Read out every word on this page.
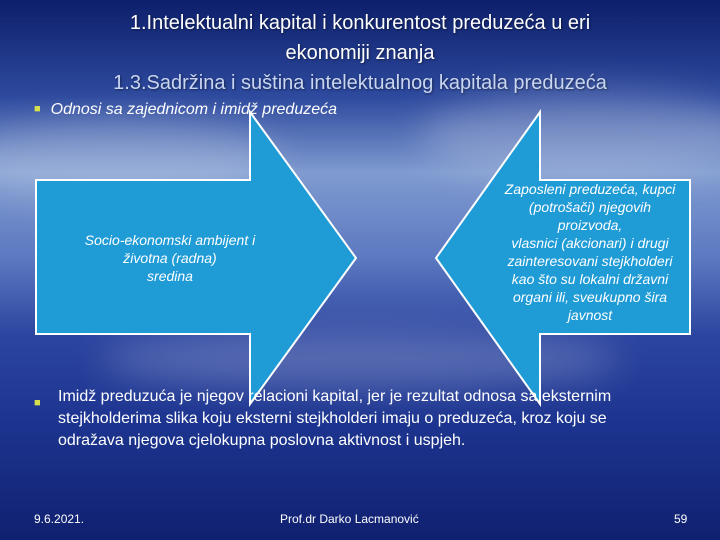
1.Intelektualni kapital i konkurentost preduzeća u eri
ekonomiji znanja
1.3.Sadržina i suština intelektualnog kapitala preduzeća
■ Odnosi sa zajednicom i imidž preduzeća
Socio-ekonomski ambijent i
životna (radna)
sredina
Zaposleni preduzeća, kupci
(potrošači) njegovih
proizvoda,
vlasnici (akcionari) i drugi
zainteresovani stejkholderi
kao što su lokalni državni
organi ili, sveukupno šira
javnost
■ Imidž preduzuća je njegov relacioni kapital, jer je rezultat odnosa sa eksternim stejkholderima slika koju eksterni stejkholderi imaju o preduzeća, kroz koju se odražava njegova cjelokupna poslovna aktivnost i uspjeh.
9.6.2021.	Prof.dr Darko Lacmanović	59
